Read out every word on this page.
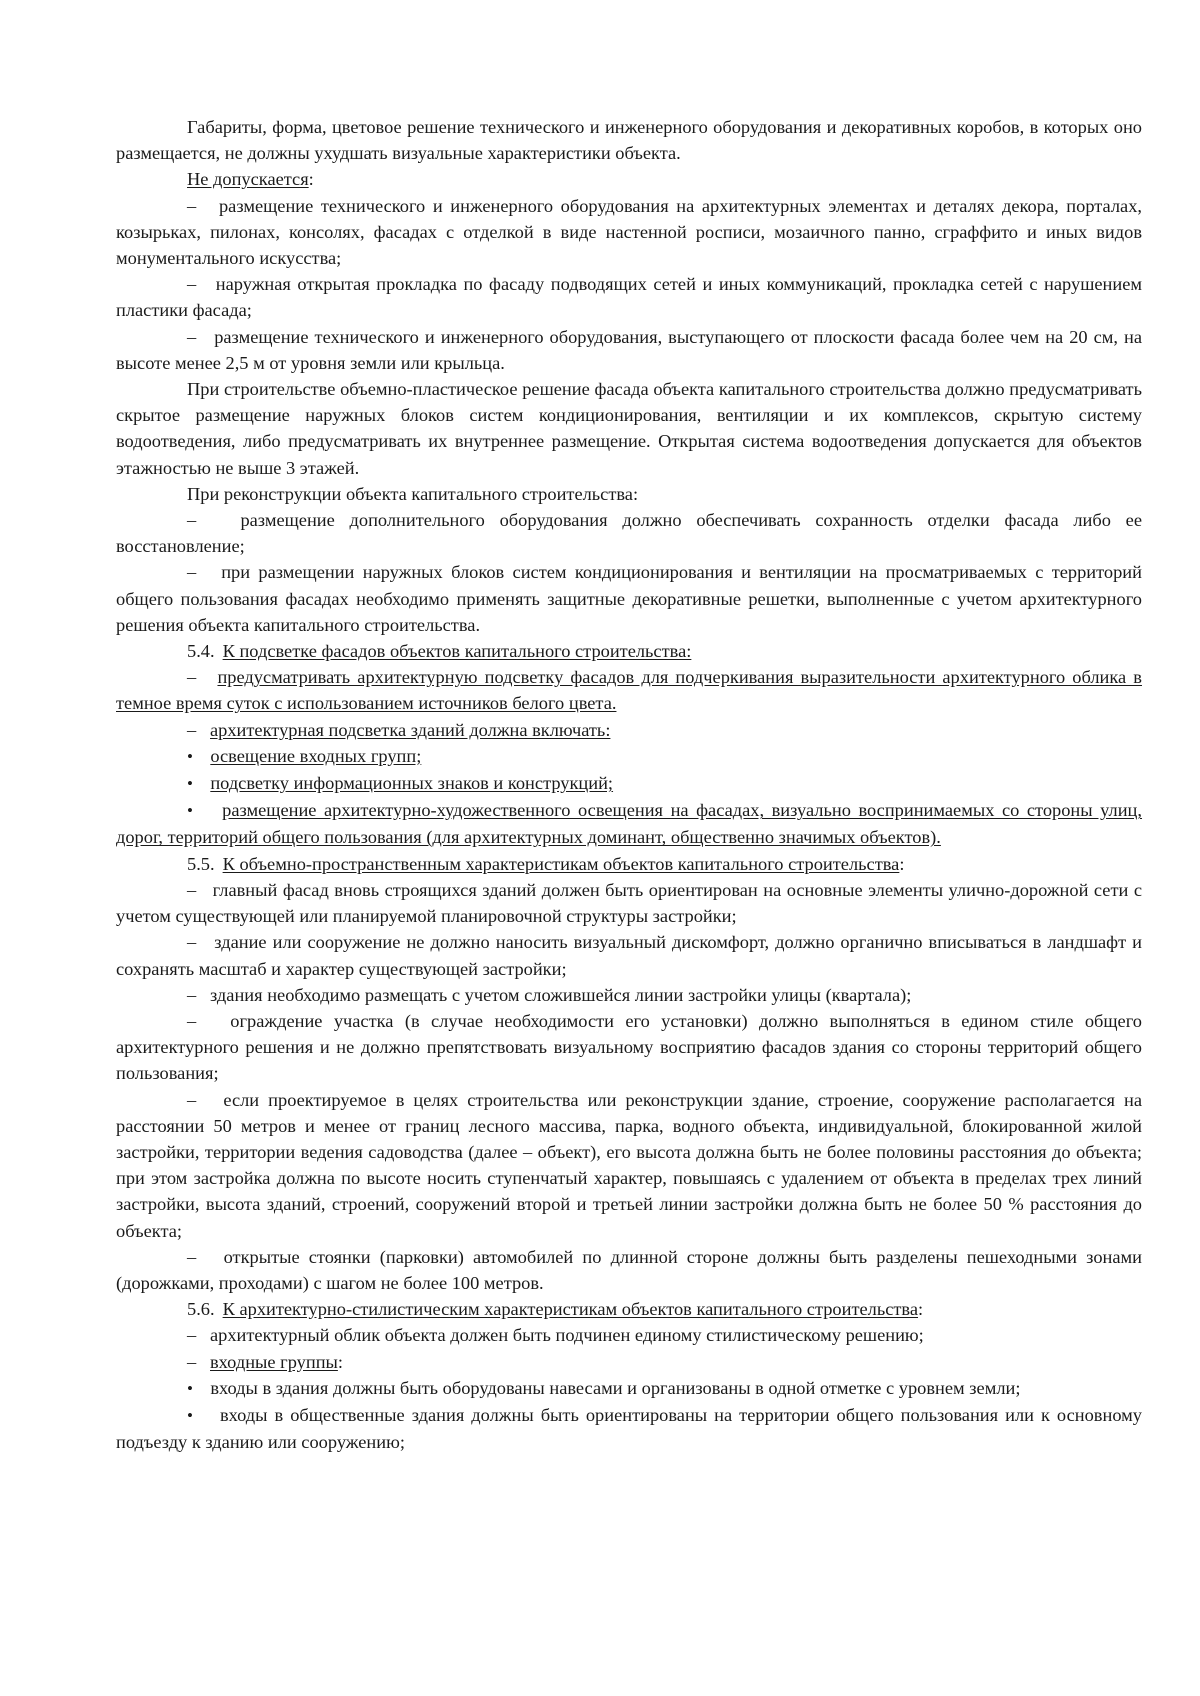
Габариты, форма, цветовое решение технического и инженерного оборудования и декоративных коробов, в которых оно размещается, не должны ухудшать визуальные характеристики объекта.

Не допускается:

–  размещение технического и инженерного оборудования на архитектурных элементах и деталях декора, порталах, козырьках, пилонах, консолях, фасадах с отделкой в виде настенной росписи, мозаичного панно, сграффито и иных видов монументального искусства;

–  наружная открытая прокладка по фасаду подводящих сетей и иных коммуникаций, прокладка сетей с нарушением пластики фасада;

–  размещение технического и инженерного оборудования, выступающего от плоскости фасада более чем на 20 см, на высоте менее 2,5 м от уровня земли или крыльца.

При строительстве объемно-пластическое решение фасада объекта капитального строительства должно предусматривать скрытое размещение наружных блоков систем кондиционирования, вентиляции и их комплексов, скрытую систему водоотведения, либо предусматривать их внутреннее размещение. Открытая система водоотведения допускается для объектов этажностью не выше 3 этажей.

При реконструкции объекта капитального строительства:

–  размещение дополнительного оборудования должно обеспечивать сохранность отделки фасада либо ее восстановление;

–  при размещении наружных блоков систем кондиционирования и вентиляции на просматриваемых с территорий общего пользования фасадах необходимо применять защитные декоративные решетки, выполненные с учетом архитектурного решения объекта капитального строительства.

5.4. К подсветке фасадов объектов капитального строительства:

–  предусматривать архитектурную подсветку фасадов для подчеркивания выразительности архитектурного облика в темное время суток с использованием источников белого цвета.

–  архитектурная подсветка зданий должна включать:

•   освещение входных групп;

•   подсветку информационных знаков и конструкций;

•   размещение архитектурно-художественного освещения на фасадах, визуально воспринимаемых со стороны улиц, дорог, территорий общего пользования (для архитектурных доминант, общественно значимых объектов).

5.5. К объемно-пространственным характеристикам объектов капитального строительства:

–  главный фасад вновь строящихся зданий должен быть ориентирован на основные элементы улично-дорожной сети с учетом существующей или планируемой планировочной структуры застройки;

–  здание или сооружение не должно наносить визуальный дискомфорт, должно органично вписываться в ландшафт и сохранять масштаб и характер существующей застройки;

–  здания необходимо размещать с учетом сложившейся линии застройки улицы (квартала);

–  ограждение участка (в случае необходимости его установки) должно выполняться в едином стиле общего архитектурного решения и не должно препятствовать визуальному восприятию фасадов здания со стороны территорий общего пользования;

–  если проектируемое в целях строительства или реконструкции здание, строение, сооружение располагается на расстоянии 50 метров и менее от границ лесного массива, парка, водного объекта, индивидуальной, блокированной жилой застройки, территории ведения садоводства (далее – объект), его высота должна быть не более половины расстояния до объекта; при этом застройка должна по высоте носить ступенчатый характер, повышаясь с удалением от объекта в пределах трех линий застройки, высота зданий, строений, сооружений второй и третьей линии застройки должна быть не более 50 % расстояния до объекта;

–  открытые стоянки (парковки) автомобилей по длинной стороне должны быть разделены пешеходными зонами (дорожками, проходами) с шагом не более 100 метров.

5.6. К архитектурно-стилистическим характеристикам объектов капитального строительства:

–  архитектурный облик объекта должен быть подчинен единому стилистическому решению;

–  входные группы:

•   входы в здания должны быть оборудованы навесами и организованы в одной отметке с уровнем земли;

•   входы в общественные здания должны быть ориентированы на территории общего пользования или к основному подъезду к зданию или сооружению;
